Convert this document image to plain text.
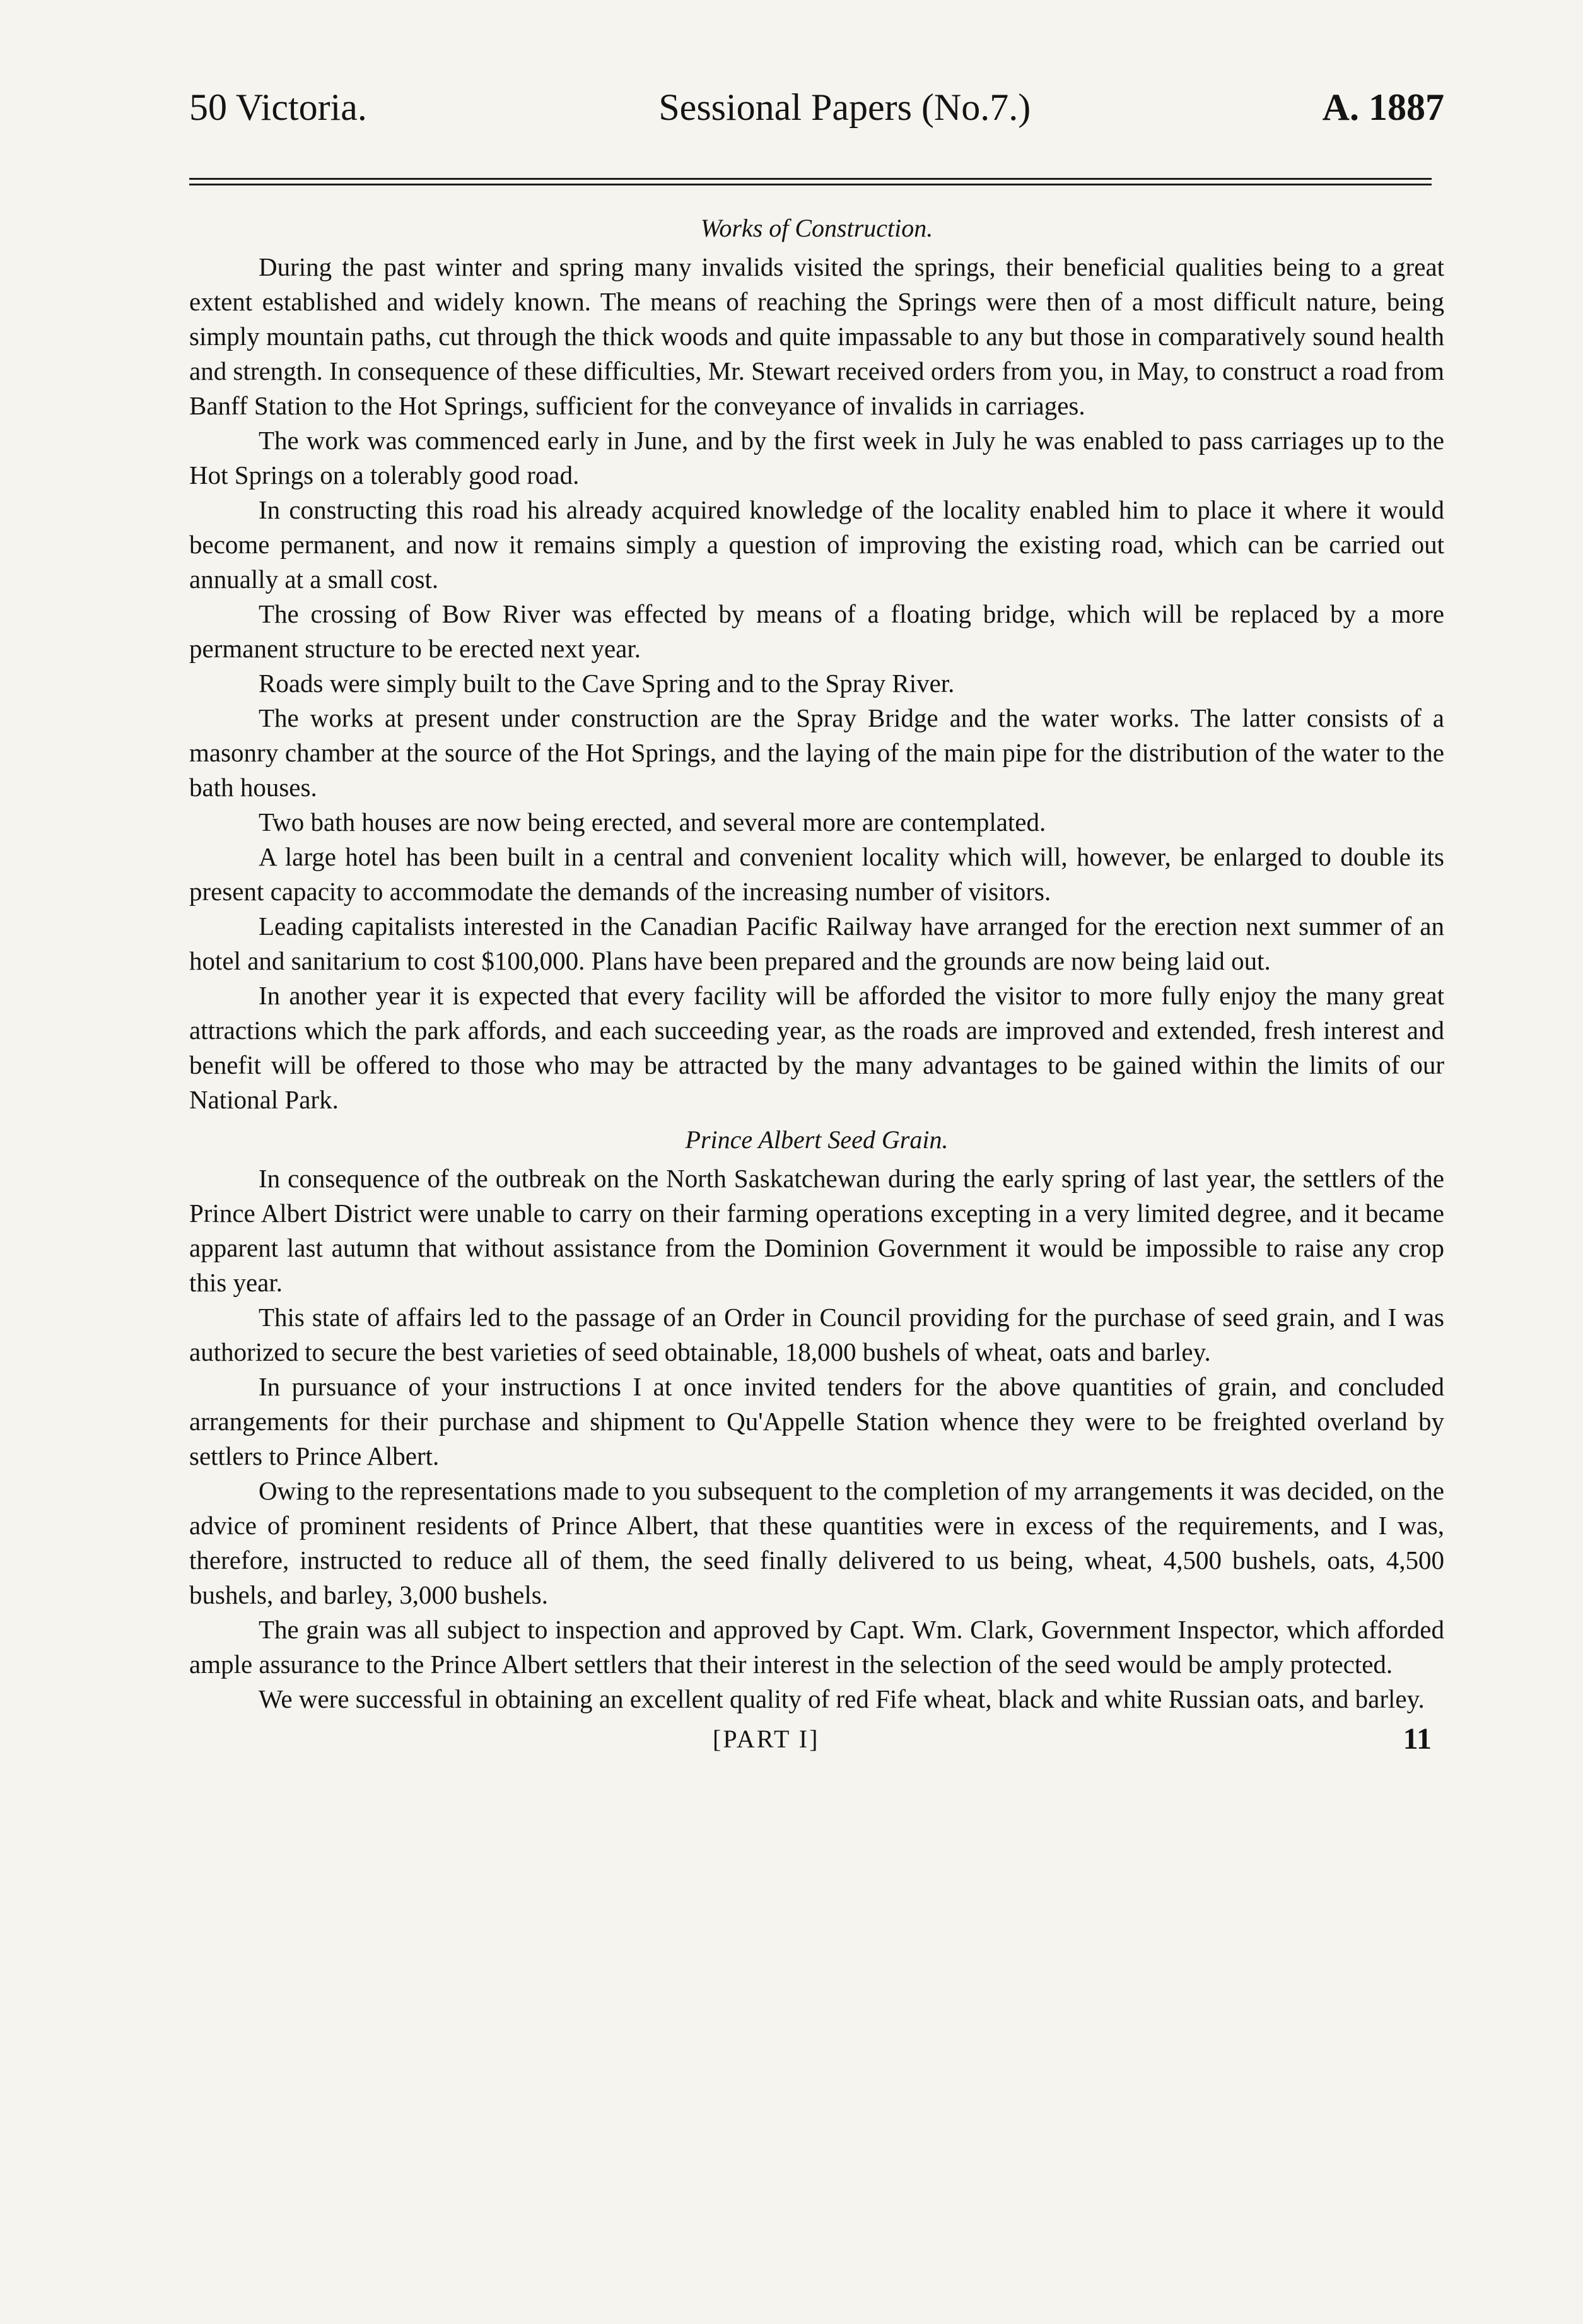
50 Victoria.	Sessional Papers (No.7.)	A. 1887
Works of Construction.

During the past winter and spring many invalids visited the springs, their beneficial qualities being to a great extent established and widely known. The means of reaching the Springs were then of a most difficult nature, being simply mountain paths, cut through the thick woods and quite impassable to any but those in comparatively sound health and strength. In consequence of these difficulties, Mr. Stewart received orders from you, in May, to construct a road from Banff Station to the Hot Springs, sufficient for the conveyance of invalids in carriages.

The work was commenced early in June, and by the first week in July he was enabled to pass carriages up to the Hot Springs on a tolerably good road.

In constructing this road his already acquired knowledge of the locality enabled him to place it where it would become permanent, and now it remains simply a question of improving the existing road, which can be carried out annually at a small cost.

The crossing of Bow River was effected by means of a floating bridge, which will be replaced by a more permanent structure to be erected next year.

Roads were simply built to the Cave Spring and to the Spray River.

The works at present under construction are the Spray Bridge and the water works. The latter consists of a masonry chamber at the source of the Hot Springs, and the laying of the main pipe for the distribution of the water to the bath houses.

Two bath houses are now being erected, and several more are contemplated.

A large hotel has been built in a central and convenient locality which will, however, be enlarged to double its present capacity to accommodate the demands of the increasing number of visitors.

Leading capitalists interested in the Canadian Pacific Railway have arranged for the erection next summer of an hotel and sanitarium to cost $100,000. Plans have been prepared and the grounds are now being laid out.

In another year it is expected that every facility will be afforded the visitor to more fully enjoy the many great attractions which the park affords, and each succeeding year, as the roads are improved and extended, fresh interest and benefit will be offered to those who may be attracted by the many advantages to be gained within the limits of our National Park.

Prince Albert Seed Grain.

In consequence of the outbreak on the North Saskatchewan during the early spring of last year, the settlers of the Prince Albert District were unable to carry on their farming operations excepting in a very limited degree, and it became apparent last autumn that without assistance from the Dominion Government it would be impossible to raise any crop this year.

This state of affairs led to the passage of an Order in Council providing for the purchase of seed grain, and I was authorized to secure the best varieties of seed obtainable, 18,000 bushels of wheat, oats and barley.

In pursuance of your instructions I at once invited tenders for the above quantities of grain, and concluded arrangements for their purchase and shipment to Qu'Appelle Station whence they were to be freighted overland by settlers to Prince Albert.

Owing to the representations made to you subsequent to the completion of my arrangements it was decided, on the advice of prominent residents of Prince Albert, that these quantities were in excess of the requirements, and I was, therefore, instructed to reduce all of them, the seed finally delivered to us being, wheat, 4,500 bushels, oats, 4,500 bushels, and barley, 3,000 bushels.

The grain was all subject to inspection and approved by Capt. Wm. Clark, Government Inspector, which afforded ample assurance to the Prince Albert settlers that their interest in the selection of the seed would be amply protected.

We were successful in obtaining an excellent quality of red Fife wheat, black and white Russian oats, and barley.

[PART I]	11
